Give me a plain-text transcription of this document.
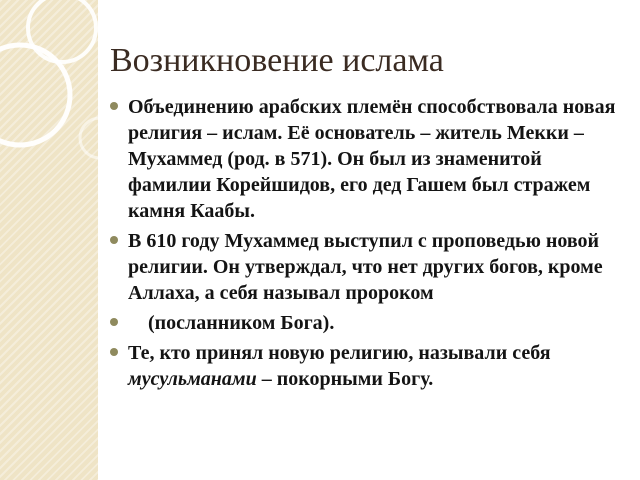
Возникновение ислама
Объединению арабских племён способствовала новая религия – ислам. Её основатель – житель Мекки – Мухаммед (род. в 571). Он был из знаменитой фамилии Корейшидов, его дед Гашем был стражем камня Каабы.
В 610 году Мухаммед выступил с проповедью новой религии. Он утверждал, что нет других богов, кроме Аллаха, а себя называл пророком
(посланником Бога).
Те, кто принял новую религию, называли себя мусульманами – покорными Богу.
